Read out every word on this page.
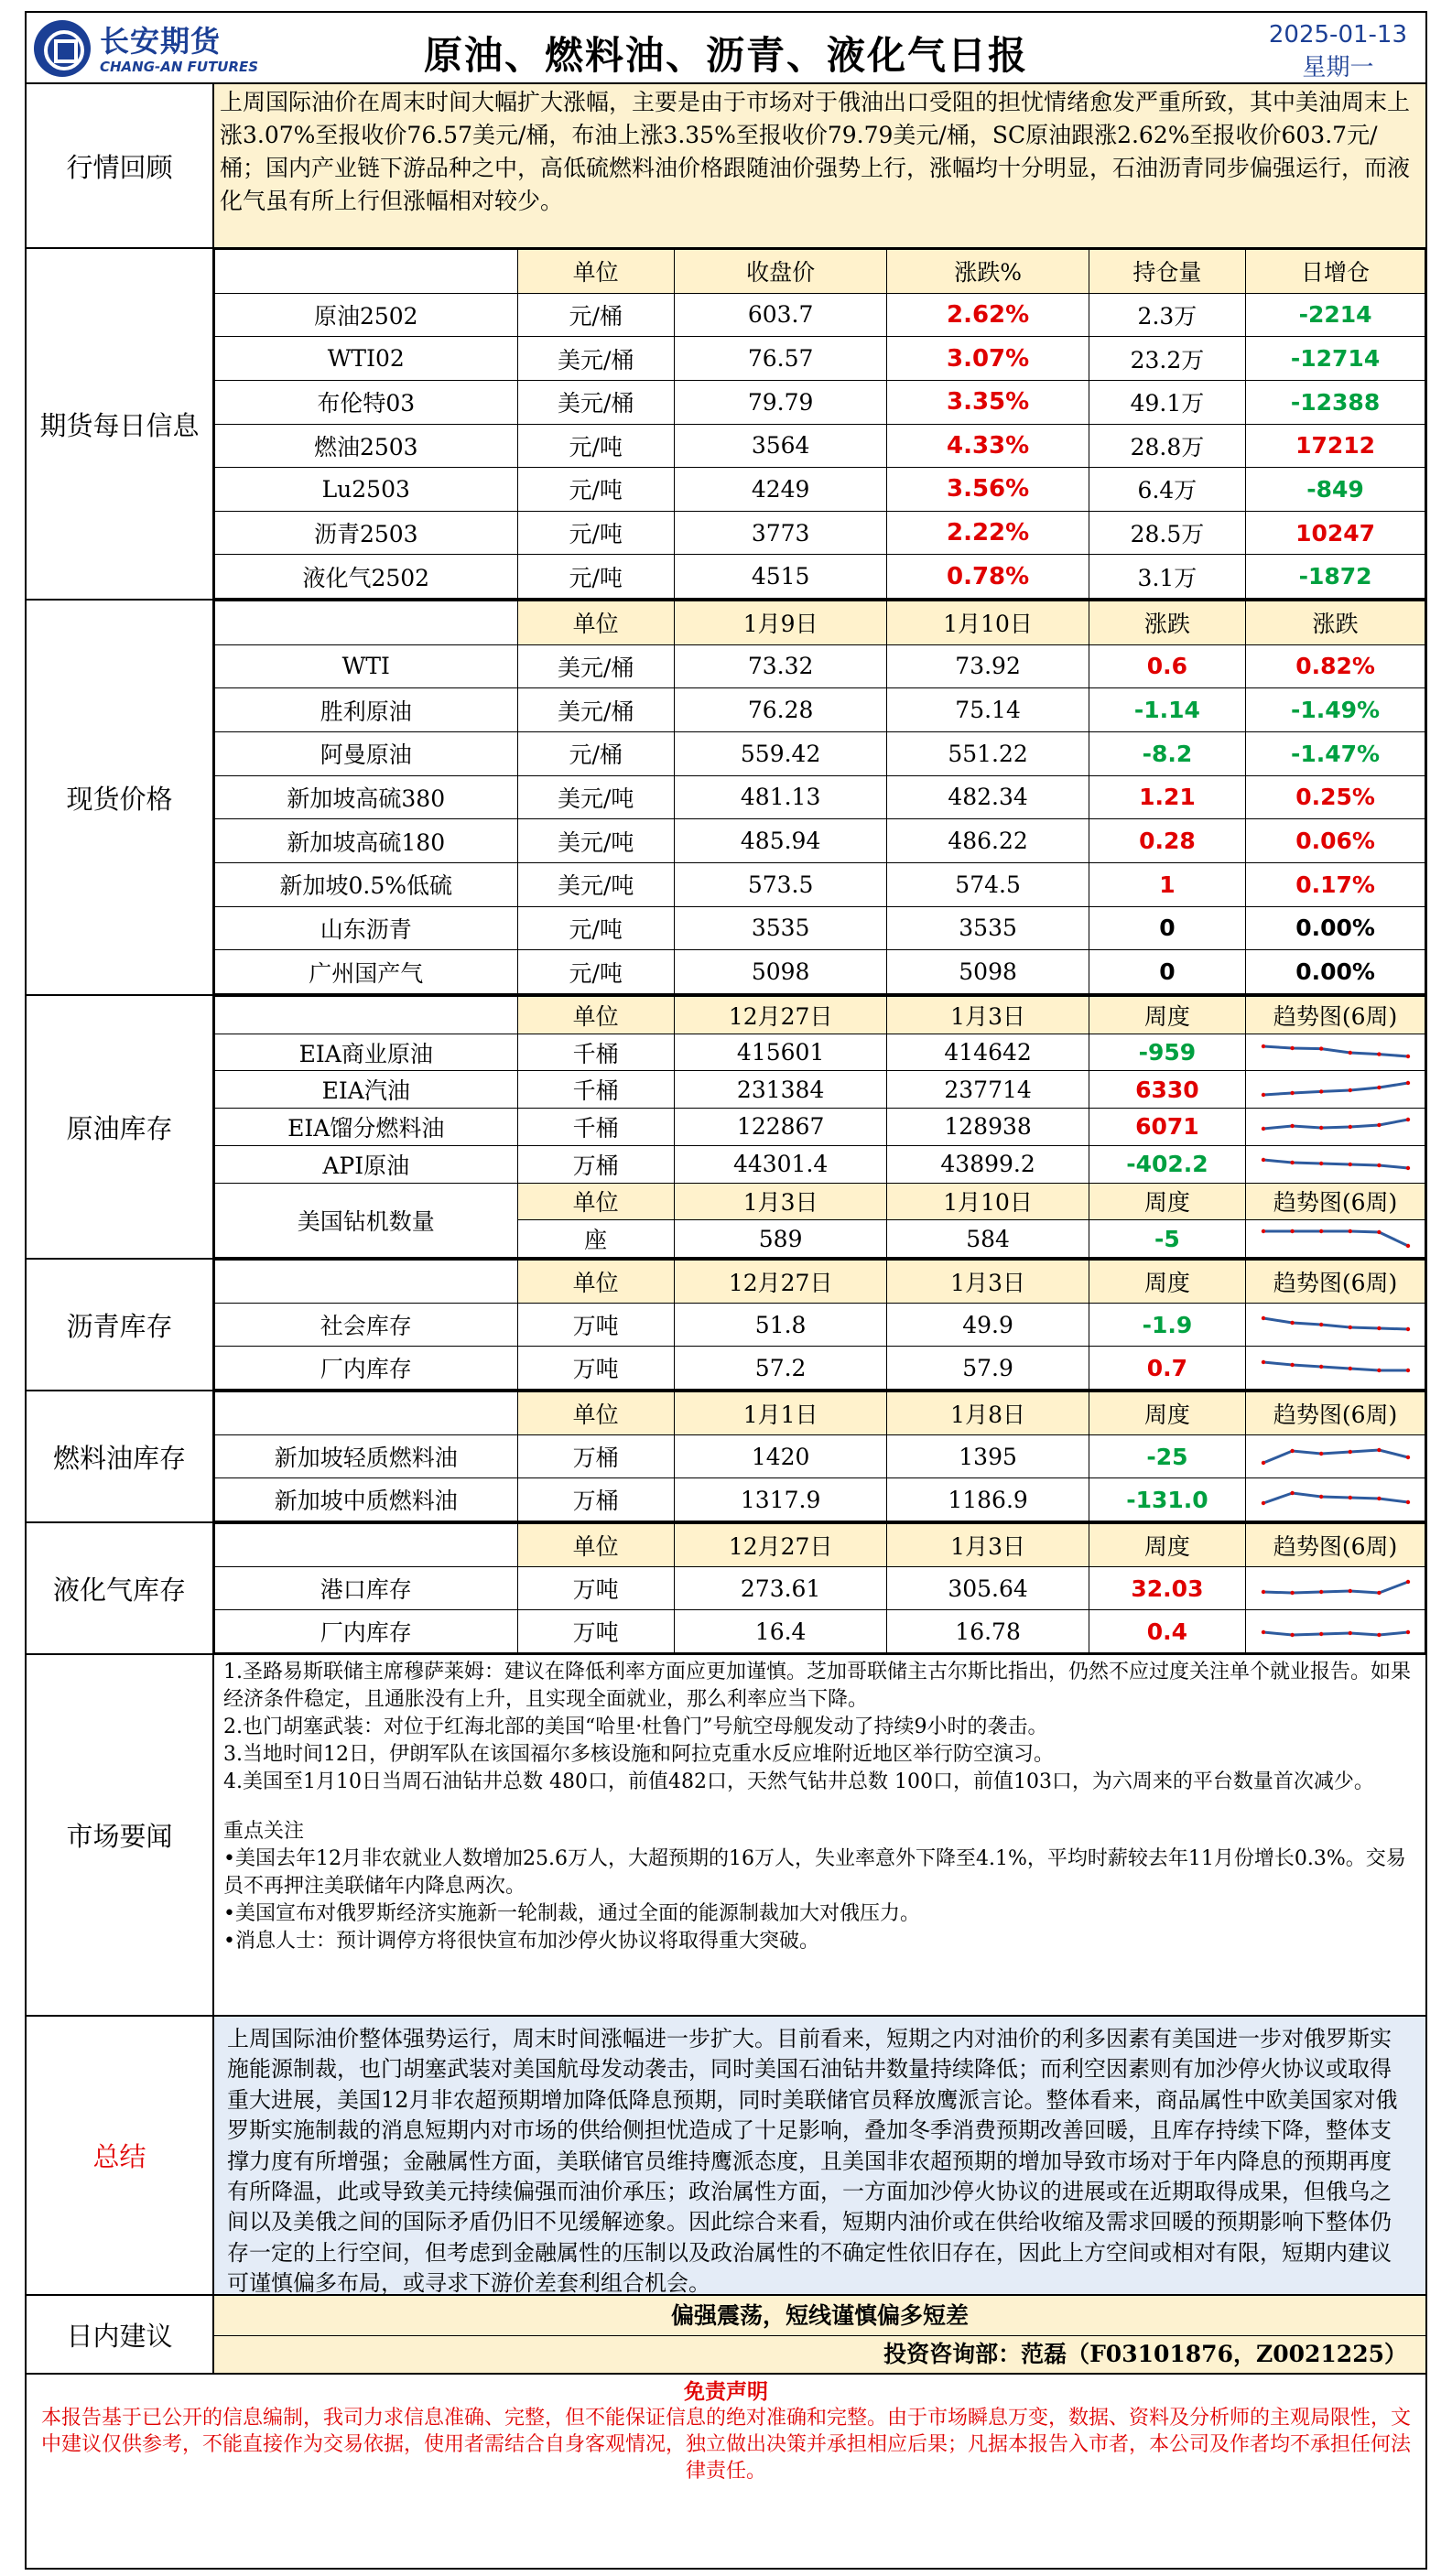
长安期货
CHANG-AN FUTURES	原油、燃料油、沥青、液化气日报	2025-01-13
星期一
行情回顾
上周国际油价在周末时间大幅扩大涨幅，主要是由于市场对于俄油出口受阻的担忧情绪愈发严重所致，其中美油周末上涨3.07%至报收价76.57美元/桶，布油上涨3.35%至报收价79.79美元/桶，SC原油跟涨2.62%至报收价603.7元/桶；国内产业链下游品种之中，高低硫燃料油价格跟随油价强势上行，涨幅均十分明显，石油沥青同步偏强运行，而液化气虽有所上行但涨幅相对较少。
期货每日信息
	单位	收盘价	涨跌%	持仓量	日增仓
原油2502	元/桶	603.7	2.62%	2.3万	-2214
WTI02	美元/桶	76.57	3.07%	23.2万	-12714
布伦特03	美元/桶	79.79	3.35%	49.1万	-12388
燃油2503	元/吨	3564	4.33%	28.8万	17212
Lu2503	元/吨	4249	3.56%	6.4万	-849
沥青2503	元/吨	3773	2.22%	28.5万	10247
液化气2502	元/吨	4515	0.78%	3.1万	-1872
现货价格
	单位	1月9日	1月10日	涨跌	涨跌
WTI	美元/桶	73.32	73.92	0.6	0.82%
胜利原油	美元/桶	76.28	75.14	-1.14	-1.49%
阿曼原油	元/桶	559.42	551.22	-8.2	-1.47%
新加坡高硫380	美元/吨	481.13	482.34	1.21	0.25%
新加坡高硫180	美元/吨	485.94	486.22	0.28	0.06%
新加坡0.5%低硫	美元/吨	573.5	574.5	1	0.17%
山东沥青	元/吨	3535	3535	0	0.00%
广州国产气	元/吨	5098	5098	0	0.00%
原油库存
	单位	12月27日	1月3日	周度	趋势图(6周)
EIA商业原油	千桶	415601	414642	-959	

EIA汽油	千桶	231384	237714	6330	

EIA馏分燃料油	千桶	122867	128938	6071	

API原油	万桶	44301.4	43899.2	-402.2	

美国钻机数量	单位	1月3日	1月10日	周度	趋势图(6周)
	座	589	584	-5	
沥青库存
	单位	12月27日	1月3日	周度	趋势图(6周)
社会库存	万吨	51.8	49.9	-1.9	

厂内库存	万吨	57.2	57.9	0.7	
燃料油库存
	单位	1月1日	1月8日	周度	趋势图(6周)
新加坡轻质燃料油	万桶	1420	1395	-25	

新加坡中质燃料油	万桶	1317.9	1186.9	-131.0	
液化气库存
	单位	12月27日	1月3日	周度	趋势图(6周)
港口库存	万吨	273.61	305.64	32.03	

厂内库存	万吨	16.4	16.78	0.4	
市场要闻
1.圣路易斯联储主席穆萨莱姆：建议在降低利率方面应更加谨慎。芝加哥联储主古尔斯比指出，仍然不应过度关注单个就业报告。如果经济条件稳定，且通胀没有上升，且实现全面就业，那么利率应当下降。
2.也门胡塞武装：对位于红海北部的美国“哈里·杜鲁门”号航空母舰发动了持续9小时的袭击。
3.当地时间12日，伊朗军队在该国福尔多核设施和阿拉克重水反应堆附近地区举行防空演习。
4.美国至1月10日当周石油钻井总数 480口，前值482口，天然气钻井总数 100口，前值103口，为六周来的平台数量首次减少。
重点关注
•美国去年12月非农就业人数增加25.6万人，大超预期的16万人，失业率意外下降至4.1%，平均时薪较去年11月份增长0.3%。交易员不再押注美联储年内降息两次。
•美国宣布对俄罗斯经济实施新一轮制裁，通过全面的能源制裁加大对俄压力。
•消息人士：预计调停方将很快宣布加沙停火协议将取得重大突破。
总结
上周国际油价整体强势运行，周末时间涨幅进一步扩大。目前看来，短期之内对油价的利多因素有美国进一步对俄罗斯实施能源制裁，也门胡塞武装对美国航母发动袭击，同时美国石油钻井数量持续降低；而利空因素则有加沙停火协议或取得重大进展，美国12月非农超预期增加降低降息预期，同时美联储官员释放鹰派言论。整体看来，商品属性中欧美国家对俄罗斯实施制裁的消息短期内对市场的供给侧担忧造成了十足影响，叠加冬季消费预期改善回暖，且库存持续下降，整体支撑力度有所增强；金融属性方面，美联储官员维持鹰派态度，且美国非农超预期的增加导致市场对于年内降息的预期再度有所降温，此或导致美元持续偏强而油价承压；政治属性方面，一方面加沙停火协议的进展或在近期取得成果，但俄乌之间以及美俄之间的国际矛盾仍旧不见缓解迹象。因此综合来看，短期内油价或在供给收缩及需求回暖的预期影响下整体仍存一定的上行空间，但考虑到金融属性的压制以及政治属性的不确定性依旧存在，因此上方空间或相对有限，短期内建议可谨慎偏多布局，或寻求下游价差套利组合机会。
日内建议
偏强震荡，短线谨慎偏多短差
投资咨询部：范磊（F03101876，Z0021225）
免责声明
本报告基于已公开的信息编制，我司力求信息准确、完整，但不能保证信息的绝对准确和完整。由于市场瞬息万变，数据、资料及分析师的主观局限性，文中建议仅供参考，不能直接作为交易依据，使用者需结合自身客观情况，独立做出决策并承担相应后果；凡据本报告入市者，本公司及作者均不承担任何法律责任。
